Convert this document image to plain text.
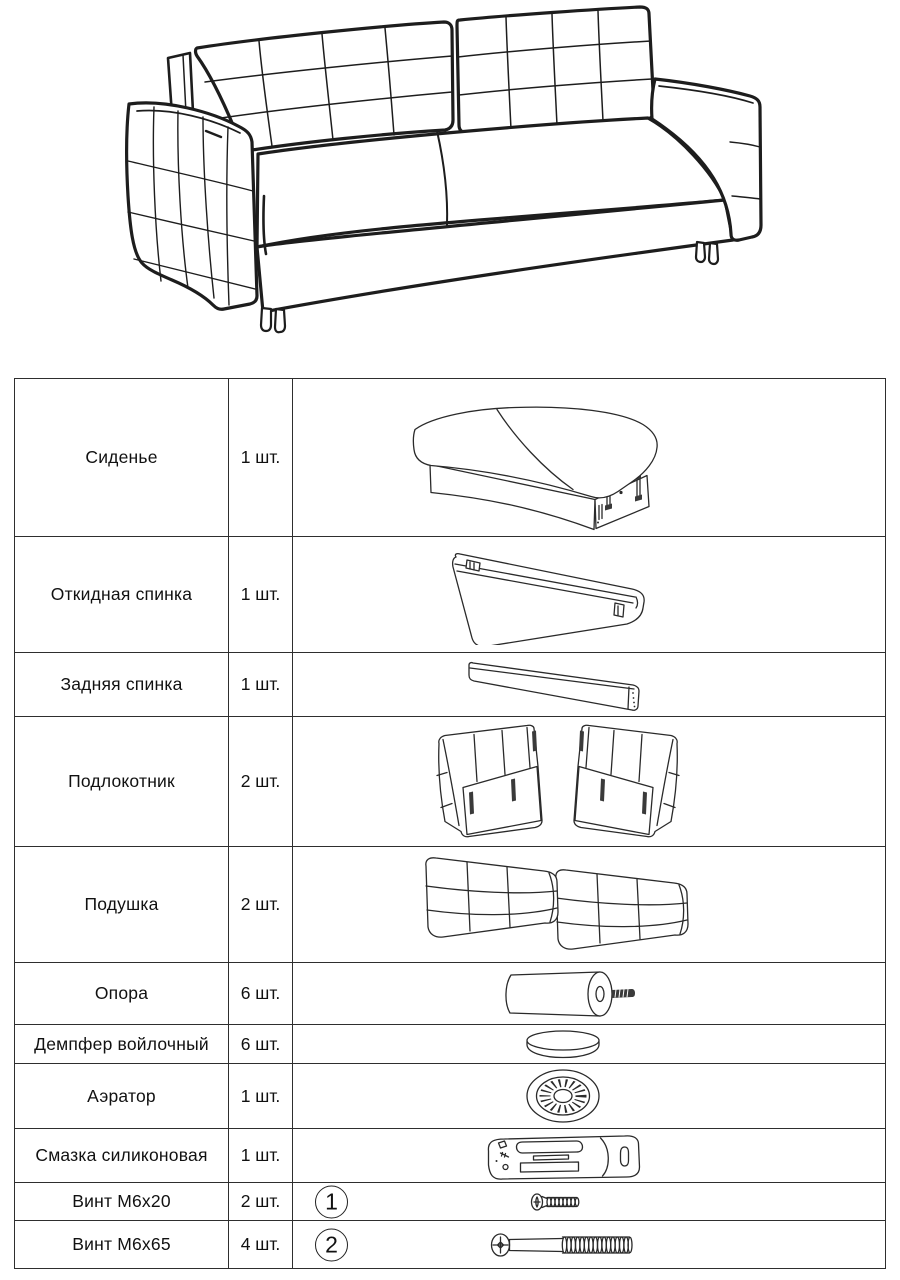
Сиденье	1 шт.	

Откидная спинка	1 шт.	

Задняя спинка	1 шт.	

Подлокотник	2 шт.	

Подушка	2 шт.	

Опора	6 шт.	

Демпфер войлочный	6 шт.	

Аэратор	1 шт.	

Смазка силиконовая	1 шт.	

Винт М6х20	2 шт.	1

Винт М6х65	4 шт.	2
